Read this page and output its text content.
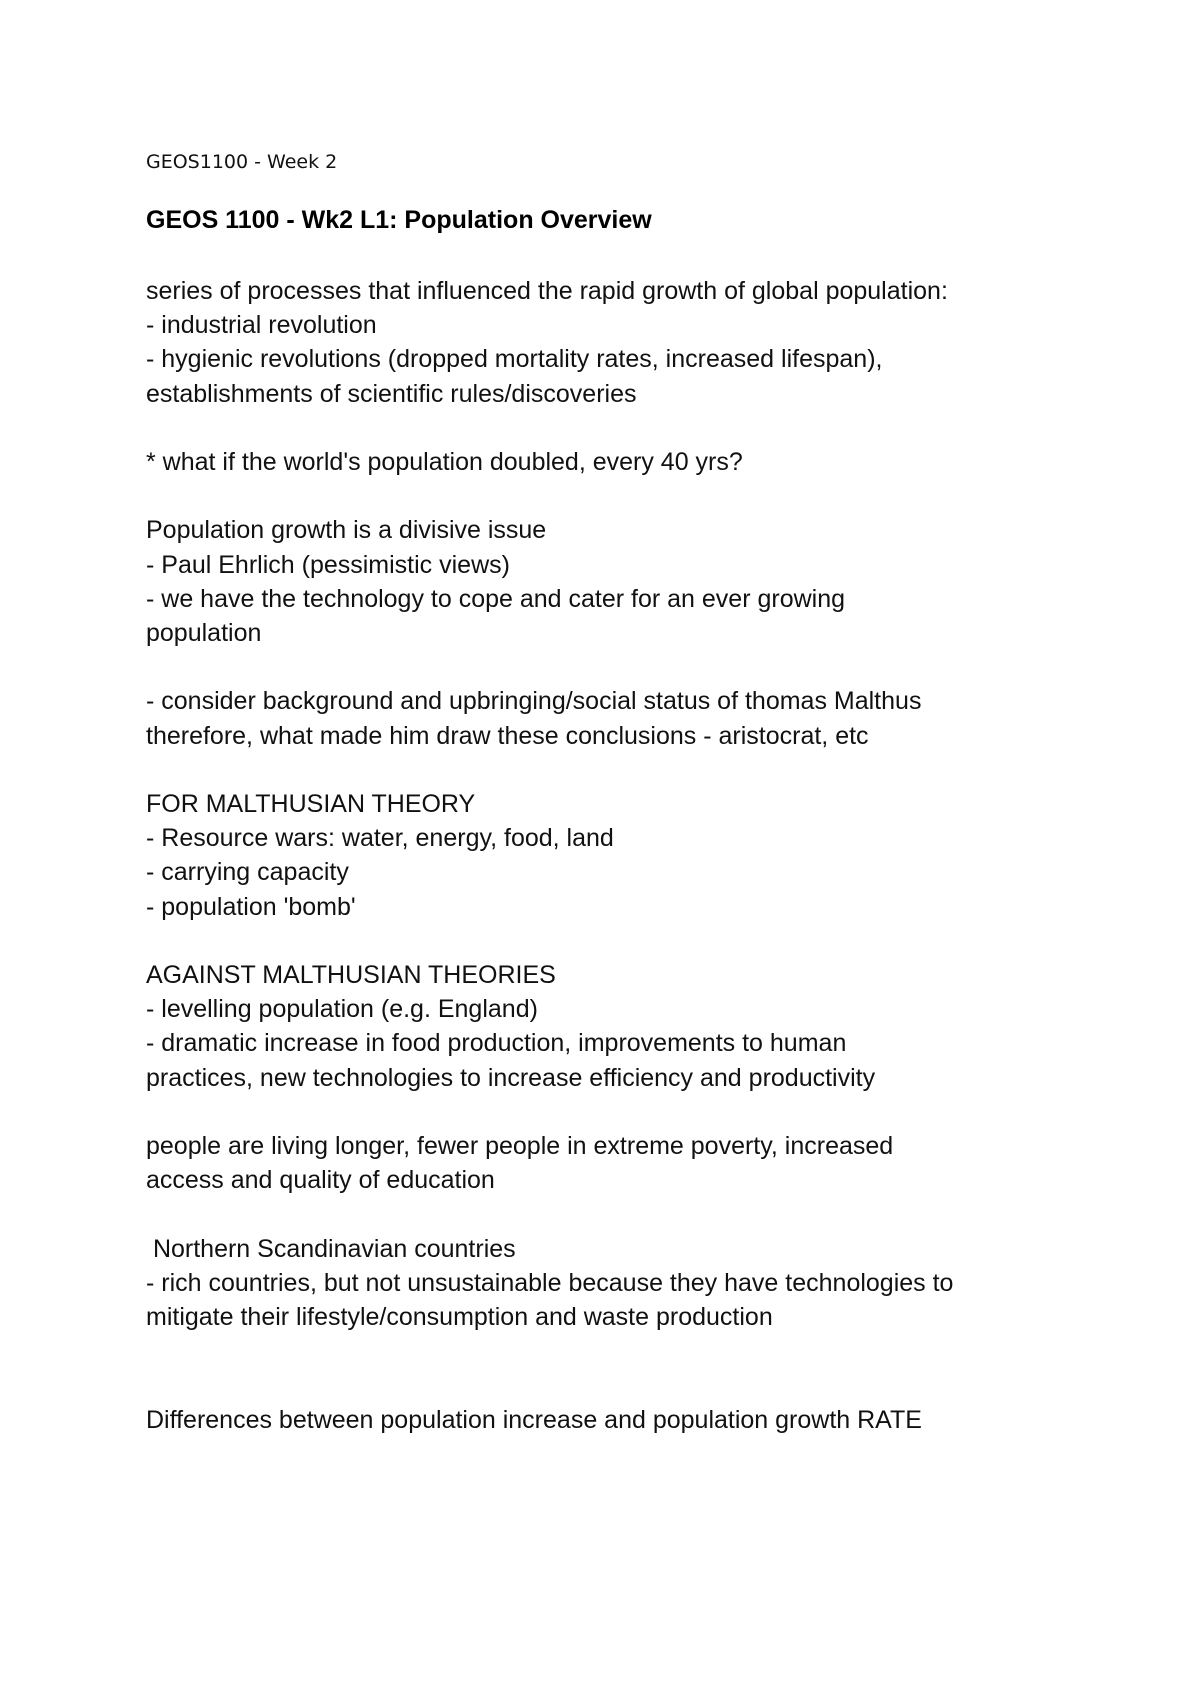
GEOS1100 - Week 2
GEOS 1100 - Wk2 L1: Population Overview
series of processes that influenced the rapid growth of global population:
- industrial revolution
- hygienic revolutions (dropped mortality rates, increased lifespan),
establishments of scientific rules/discoveries
* what if the world's population doubled, every 40 yrs?
Population growth is a divisive issue
- Paul Ehrlich (pessimistic views)
- we have the technology to cope and cater for an ever growing
population
- consider background and upbringing/social status of thomas Malthus
therefore, what made him draw these conclusions - aristocrat, etc
FOR MALTHUSIAN THEORY
- Resource wars: water, energy, food, land
- carrying capacity
- population 'bomb'
AGAINST MALTHUSIAN THEORIES
- levelling population (e.g. England)
- dramatic increase in food production, improvements to human
practices, new technologies to increase efficiency and productivity
people are living longer, fewer people in extreme poverty, increased
access and quality of education
Northern Scandinavian countries
- rich countries, but not unsustainable because they have technologies to
mitigate their lifestyle/consumption and waste production

Differences between population increase and population growth RATE
